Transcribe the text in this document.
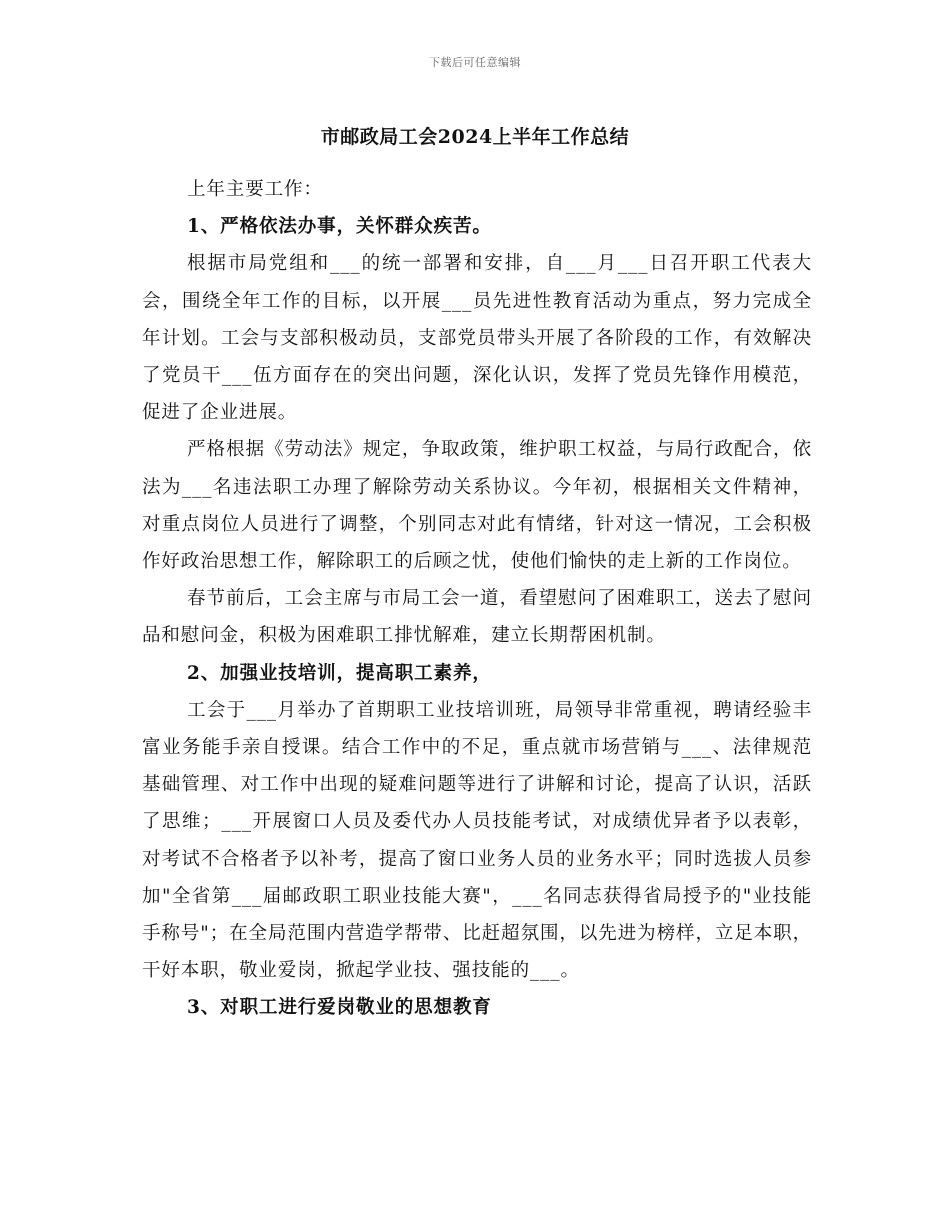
下载后可任意编辑
市邮政局工会2024上半年工作总结

上年主要工作：

1、严格依法办事，关怀群众疾苦。

根据市局党组和___的统一部署和安排，自___月___日召开职工代表大会，围绕全年工作的目标，以开展___员先进性教育活动为重点，努力完成全年计划。工会与支部积极动员，支部党员带头开展了各阶段的工作，有效解决了党员干___伍方面存在的突出问题，深化认识，发挥了党员先锋作用模范，促进了企业进展。

严格根据《劳动法》规定，争取政策，维护职工权益，与局行政配合，依法为___名违法职工办理了解除劳动关系协议。今年初，根据相关文件精神，对重点岗位人员进行了调整，个别同志对此有情绪，针对这一情况，工会积极作好政治思想工作，解除职工的后顾之忧，使他们愉快的走上新的工作岗位。

春节前后，工会主席与市局工会一道，看望慰问了困难职工，送去了慰问品和慰问金，积极为困难职工排忧解难，建立长期帮困机制。

2、加强业技培训，提高职工素养，

工会于___月举办了首期职工业技培训班，局领导非常重视，聘请经验丰富业务能手亲自授课。结合工作中的不足，重点就市场营销与___、法律规范基础管理、对工作中出现的疑难问题等进行了讲解和讨论，提高了认识，活跃了思维；___开展窗口人员及委代办人员技能考试，对成绩优异者予以表彰，对考试不合格者予以补考，提高了窗口业务人员的业务水平；同时选拔人员参加"全省第___届邮政职工职业技能大赛"，___名同志获得省局授予的"业技能手称号"；在全局范围内营造学帮带、比赶超氛围，以先进为榜样，立足本职，干好本职，敬业爱岗，掀起学业技、强技能的___。

3、对职工进行爱岗敬业的思想教育
